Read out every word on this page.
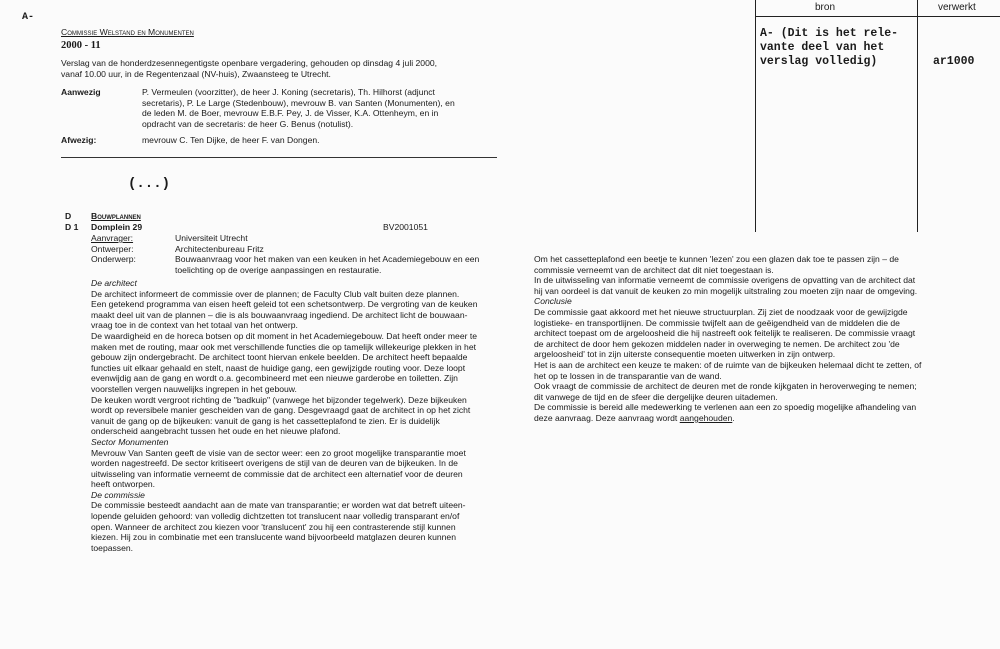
A-
bron	verwerkt
A- (Dit is het rele-
vante deel van het
verslag volledig)	ar1000
Commissie Welstand en Monumenten
2000 - 11
Verslag van de honderdzesennegentigste openbare vergadering, gehouden op dinsdag 4 juli 2000,
vanaf 10.00 uur, in de Regentenzaal (NV-huis), Zwaansteeg te Utrecht.
Aanwezig	P. Vermeulen (voorzitter), de heer J. Koning (secretaris), Th. Hilhorst (adjunct
secretaris), P. Le Large (Stedenbouw), mevrouw B. van Santen (Monumenten), en
de leden M. de Boer, mevrouw E.B.F. Pey, J. de Visser, K.A. Ottenheym, en in
opdracht van de secretaris: de heer G. Benus (notulist).
Afwezig:	mevrouw C. Ten Dijke, de heer F. van Dongen.
(...)
D Bouwplannen
D 1 Domplein 29	BV2001051
Aanvrager:	Universiteit Utrecht
Ontwerper:	Architectenbureau Fritz
Onderwerp:	Bouwaanvraag voor het maken van een keuken in het Academiegebouw en een
toelichting op de overige aanpassingen en restauratie.
De architect
De architect informeert de commissie over de plannen; de Faculty Club valt buiten deze plannen.
Een getekend programma van eisen heeft geleid tot een schetsontwerp. De vergroting van de keuken
maakt deel uit van de plannen – die is als bouwaanvraag ingediend. De architect licht de bouwaan-
vraag toe in de context van het totaal van het ontwerp.
De waardigheid en de horeca botsen op dit moment in het Academiegebouw. Dat heeft onder meer te
maken met de routing, maar ook met verschillende functies die op tamelijk willekeurige plekken in het
gebouw zijn ondergebracht. De architect toont hiervan enkele beelden. De architect heeft bepaalde
functies uit elkaar gehaald en stelt, naast de huidige gang, een gewijzigde routing voor. Deze loopt
evenwijdig aan de gang en wordt o.a. gecombineerd met een nieuwe garderobe en toiletten. Zijn
voorstellen vergen nauwelijks ingrepen in het gebouw.
De keuken wordt vergroot richting de "badkuip" (vanwege het bijzonder tegelwerk). Deze bijkeuken
wordt op reversibele manier gescheiden van de gang. Desgevraagd gaat de architect in op het zicht
vanuit de gang op de bijkeuken: vanuit de gang is het cassetteplafond te zien. Er is duidelijk
onderscheid aangebracht tussen het oude en het nieuwe plafond.
Sector Monumenten
Mevrouw Van Santen geeft de visie van de sector weer: een zo groot mogelijke transparantie moet
worden nagestreefd. De sector kritiseert overigens de stijl van de deuren van de bijkeuken. In de
uitwisseling van informatie verneemt de commissie dat de architect een alternatief voor de deuren
heeft ontworpen.
De commissie
De commissie besteedt aandacht aan de mate van transparantie; er worden wat dat betreft uiteen-
lopende geluiden gehoord: van volledig dichtzetten tot translucent naar volledig transparant en/of
open. Wanneer de architect zou kiezen voor 'translucent' zou hij een contrasterende stijl kunnen
kiezen. Hij zou in combinatie met een translucente wand bijvoorbeeld matglazen deuren kunnen
toepassen.
Om het cassetteplafond een beetje te kunnen 'lezen' zou een glazen dak toe te passen zijn – de
commissie verneemt van de architect dat dit niet toegestaan is.
In de uitwisseling van informatie verneemt de commissie overigens de opvatting van de architect dat
hij van oordeel is dat vanuit de keuken zo min mogelijk uitstraling zou moeten zijn naar de omgeving.
Conclusie
De commissie gaat akkoord met het nieuwe structuurplan. Zij ziet de noodzaak voor de gewijzigde
logistieke- en transportlijnen. De commissie twijfelt aan de geëigendheid van de middelen die de
architect toepast om de argeloosheid die hij nastreeft ook feitelijk te realiseren. De commissie vraagt
de architect de door hem gekozen middelen nader in overweging te nemen. De architect zou 'de
argeloosheid' tot in zijn uiterste consequentie moeten uitwerken in zijn ontwerp.
Het is aan de architect een keuze te maken: of de ruimte van de bijkeuken helemaal dicht te zetten, of
het op te lossen in de transparantie van de wand.
Ook vraagt de commissie de architect de deuren met de ronde kijkgaten in heroverweging te nemen;
dit vanwege de tijd en de sfeer die dergelijke deuren uitademen.
De commissie is bereid alle medewerking te verlenen aan een zo spoedig mogelijke afhandeling van
deze aanvraag. Deze aanvraag wordt aangehouden.
